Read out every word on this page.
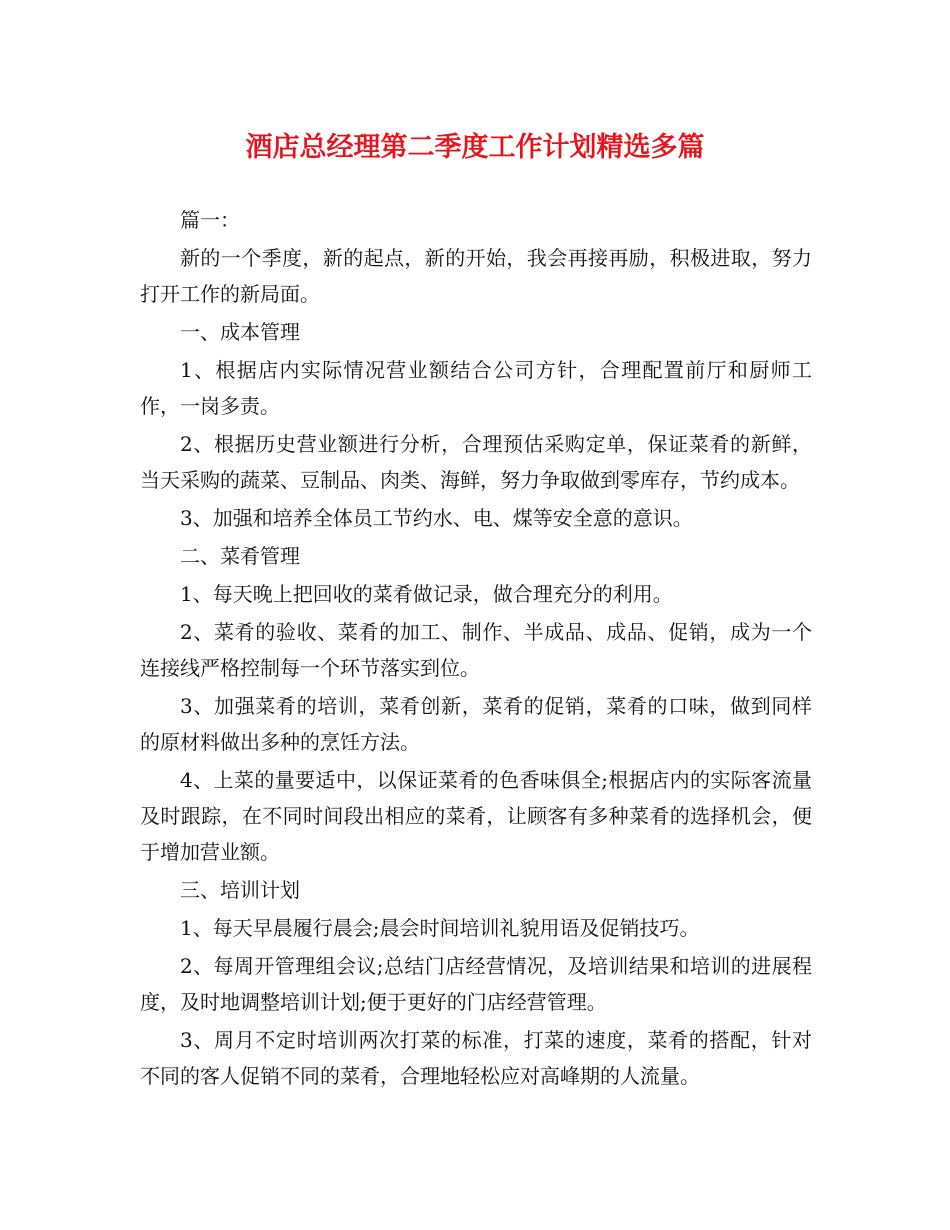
酒店总经理第二季度工作计划精选多篇

篇一：

新的一个季度，新的起点，新的开始，我会再接再励，积极进取，努力打开工作的新局面。

一、成本管理

1、根据店内实际情况营业额结合公司方针，合理配置前厅和厨师工作，一岗多责。

2、根据历史营业额进行分析，合理预估采购定单，保证菜肴的新鲜，当天采购的蔬菜、豆制品、肉类、海鲜，努力争取做到零库存，节约成本。

3、加强和培养全体员工节约水、电、煤等安全意的意识。

二、菜肴管理

1、每天晚上把回收的菜肴做记录，做合理充分的利用。

2、菜肴的验收、菜肴的加工、制作、半成品、成品、促销，成为一个连接线严格控制每一个环节落实到位。

3、加强菜肴的培训，菜肴创新，菜肴的促销，菜肴的口味，做到同样的原材料做出多种的烹饪方法。

4、上菜的量要适中，以保证菜肴的色香味俱全;根据店内的实际客流量及时跟踪，在不同时间段出相应的菜肴，让顾客有多种菜肴的选择机会，便于增加营业额。

三、培训计划

1、每天早晨履行晨会;晨会时间培训礼貌用语及促销技巧。

2、每周开管理组会议;总结门店经营情况，及培训结果和培训的进展程度，及时地调整培训计划;便于更好的门店经营管理。

3、周月不定时培训两次打菜的标准，打菜的速度，菜肴的搭配，针对不同的客人促销不同的菜肴，合理地轻松应对高峰期的人流量。
